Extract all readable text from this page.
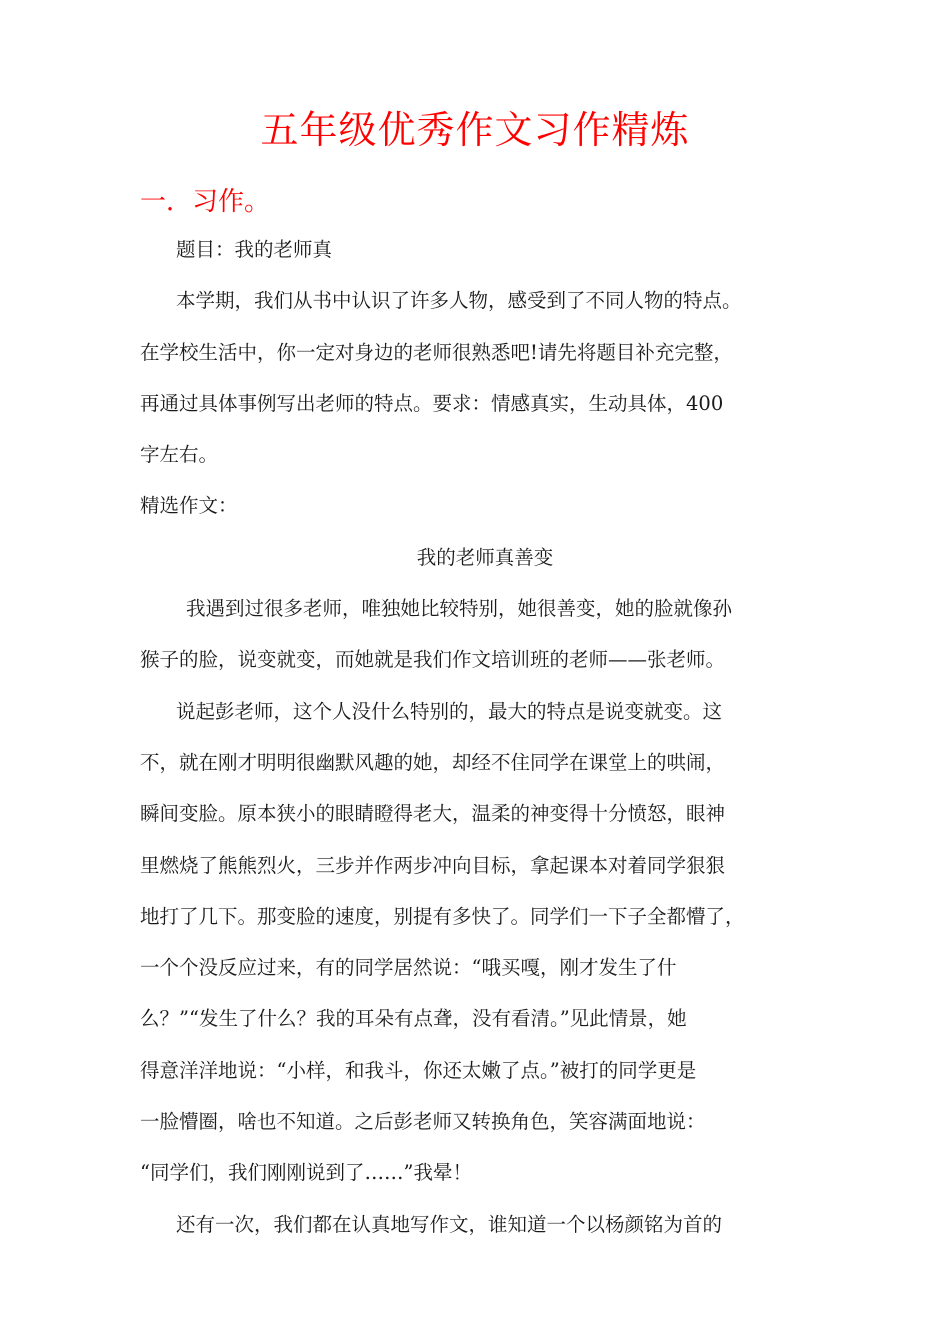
五年级优秀作文习作精炼
一．习作。
题目：我的老师真
本学期，我们从书中认识了许多人物，感受到了不同人物的特点。
在学校生活中，你一定对身边的老师很熟悉吧!请先将题目补充完整，
再通过具体事例写出老师的特点。要求：情感真实，生动具体，400
字左右。
精选作文：
我的老师真善变
我遇到过很多老师，唯独她比较特别，她很善变，她的脸就像孙
猴子的脸，说变就变，而她就是我们作文培训班的老师——张老师。
说起彭老师，这个人没什么特别的，最大的特点是说变就变。这
不，就在刚才明明很幽默风趣的她，却经不住同学在课堂上的哄闹，
瞬间变脸。原本狭小的眼睛瞪得老大，温柔的神变得十分愤怒，眼神
里燃烧了熊熊烈火，三步并作两步冲向目标，拿起课本对着同学狠狠
地打了几下。那变脸的速度，别提有多快了。同学们一下子全都懵了，
一个个没反应过来，有的同学居然说：“哦买嘎，刚才发生了什
么？”“发生了什么？我的耳朵有点聋，没有看清。”见此情景，她
得意洋洋地说：“小样，和我斗，你还太嫩了点。”被打的同学更是
一脸懵圈，啥也不知道。之后彭老师又转换角色，笑容满面地说：
“同学们，我们刚刚说到了……”我晕！
还有一次，我们都在认真地写作文，谁知道一个以杨颜铭为首的
